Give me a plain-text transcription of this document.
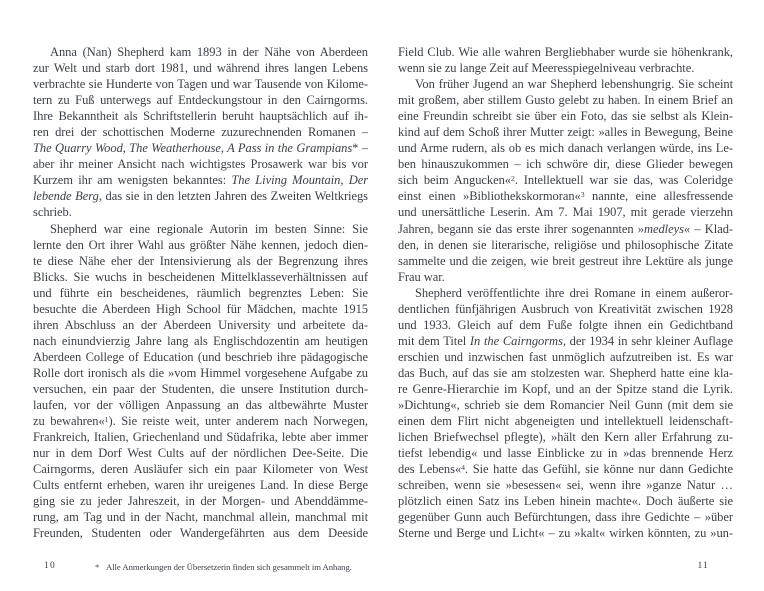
Anna (Nan) Shepherd kam 1893 in der Nähe von Aberdeen
zur Welt und starb dort 1981, und während ihres langen Lebens
verbrachte sie Hunderte von Tagen und war Tausende von Kilome-
tern zu Fuß unterwegs auf Entdeckungstour in den Cairngorms.
Ihre Bekanntheit als Schriftstellerin beruht hauptsächlich auf ih-
ren drei der schottischen Moderne zuzurechnenden Romanen –
The Quarry Wood, The Weatherhouse, A Pass in the Grampians* –
aber ihr meiner Ansicht nach wichtigstes Prosawerk war bis vor
Kurzem ihr am wenigsten bekanntes: The Living Mountain, Der
lebende Berg, das sie in den letzten Jahren des Zweiten Weltkriegs
schrieb.
Shepherd war eine regionale Autorin im besten Sinne: Sie
lernte den Ort ihrer Wahl aus größter Nähe kennen, jedoch dien-
te diese Nähe eher der Intensivierung als der Begrenzung ihres
Blicks. Sie wuchs in bescheidenen Mittelklasseverhältnissen auf
und führte ein bescheidenes, räumlich begrenztes Leben: Sie
besuchte die Aberdeen High School für Mädchen, machte 1915
ihren Abschluss an der Aberdeen University und arbeitete da-
nach einundvierzig Jahre lang als Englischdozentin am heutigen
Aberdeen College of Education (und beschrieb ihre pädagogische
Rolle dort ironisch als die »vom Himmel vorgesehene Aufgabe zu
versuchen, ein paar der Studenten, die unsere Institution durch-
laufen, vor der völligen Anpassung an das altbewährte Muster
zu bewahren«$^1$). Sie reiste weit, unter anderem nach Norwegen,
Frankreich, Italien, Griechenland und Südafrika, lebte aber immer
nur in dem Dorf West Cults auf der nördlichen Dee-Seite. Die
Cairngorms, deren Ausläufer sich ein paar Kilometer von West
Cults entfernt erheben, waren ihr ureigenes Land. In diese Berge
ging sie zu jeder Jahreszeit, in der Morgen- und Abenddämme-
rung, am Tag und in der Nacht, manchmal allein, manchmal mit
Freunden, Studenten oder Wandergefährten aus dem Deeside
10	* Alle Anmerkungen der Übersetzerin finden sich gesammelt im Anhang.
Field Club. Wie alle wahren Bergliebhaber wurde sie höhenkrank,
wenn sie zu lange Zeit auf Meeresspiegelniveau verbrachte.
Von früher Jugend an war Shepherd lebenshungrig. Sie scheint
mit großem, aber stillem Gusto gelebt zu haben. In einem Brief an
eine Freundin schreibt sie über ein Foto, das sie selbst als Klein-
kind auf dem Schoß ihrer Mutter zeigt: »alles in Bewegung, Beine
und Arme rudern, als ob es mich danach verlangen würde, ins Le-
ben hinauszukommen – ich schwöre dir, diese Glieder bewegen
sich beim Angucken«$^2$. Intellektuell war sie das, was Coleridge
einst einen »Bibliothekskormoran«$^3$ nannte, eine allesfressende
und unersättliche Leserin. Am 7. Mai 1907, mit gerade vierzehn
Jahren, begann sie das erste ihrer sogenannten »medleys« – Klad-
den, in denen sie literarische, religiöse und philosophische Zitate
sammelte und die zeigen, wie breit gestreut ihre Lektüre als junge
Frau war.
Shepherd veröffentlichte ihre drei Romane in einem außeror-
dentlichen fünfjährigen Ausbruch von Kreativität zwischen 1928
und 1933. Gleich auf dem Fuße folgte ihnen ein Gedichtband
mit dem Titel In the Cairngorms, der 1934 in sehr kleiner Auflage
erschien und inzwischen fast unmöglich aufzutreiben ist. Es war
das Buch, auf das sie am stolzesten war. Shepherd hatte eine kla-
re Genre-Hierarchie im Kopf, und an der Spitze stand die Lyrik.
»Dichtung«, schrieb sie dem Romancier Neil Gunn (mit dem sie
einen dem Flirt nicht abgeneigten und intellektuell leidenschaft-
lichen Briefwechsel pflegte), »hält den Kern aller Erfahrung zu-
tiefst lebendig« und lasse Einblicke zu in »das brennende Herz
des Lebens«$^4$. Sie hatte das Gefühl, sie könne nur dann Gedichte
schreiben, wenn sie »besessen« sei, wenn ihre »ganze Natur …
plötzlich einen Satz ins Leben hinein machte«. Doch äußerte sie
gegenüber Gunn auch Befürchtungen, dass ihre Gedichte – »über
Sterne und Berge und Licht« – zu »kalt« wirken könnten, zu »un-
11
